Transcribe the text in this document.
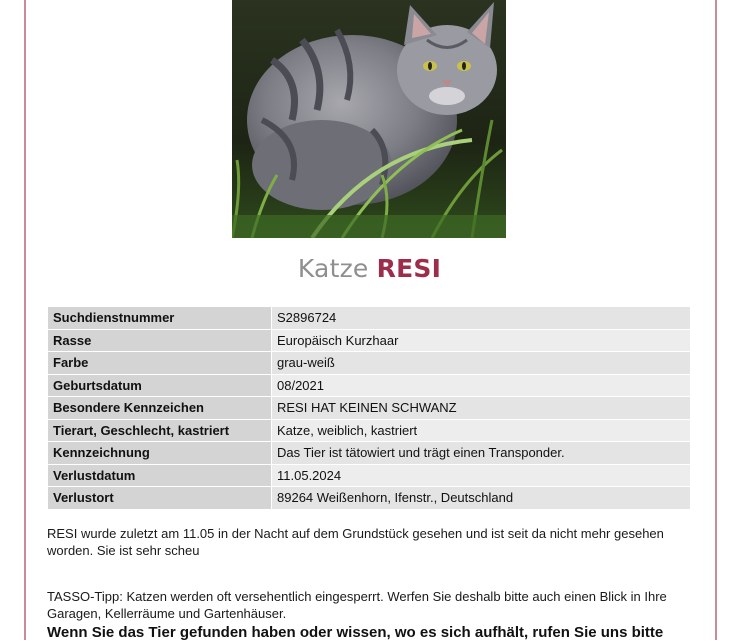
Katze RESI
Suchdienstnummer	S2896724
Rasse	Europäisch Kurzhaar
Farbe	grau-weiß
Geburtsdatum	08/2021
Besondere Kennzeichen	RESI HAT KEINEN SCHWANZ
Tierart, Geschlecht, kastriert	Katze, weiblich, kastriert
Kennzeichnung	Das Tier ist tätowiert und trägt einen Transponder.
Verlustdatum	11.05.2024
Verlustort	89264 Weißenhorn, Ifenstr., Deutschland
RESI wurde zuletzt am 11.05 in der Nacht auf dem Grundstück gesehen und ist seit da nicht mehr gesehen worden. Sie ist sehr scheu
TASSO-Tipp: Katzen werden oft versehentlich eingesperrt. Werfen Sie deshalb bitte auch einen Blick in Ihre Garagen, Kellerräume und Gartenhäuser.
Wenn Sie das Tier gefunden haben oder wissen, wo es sich aufhält, rufen Sie uns bitte
